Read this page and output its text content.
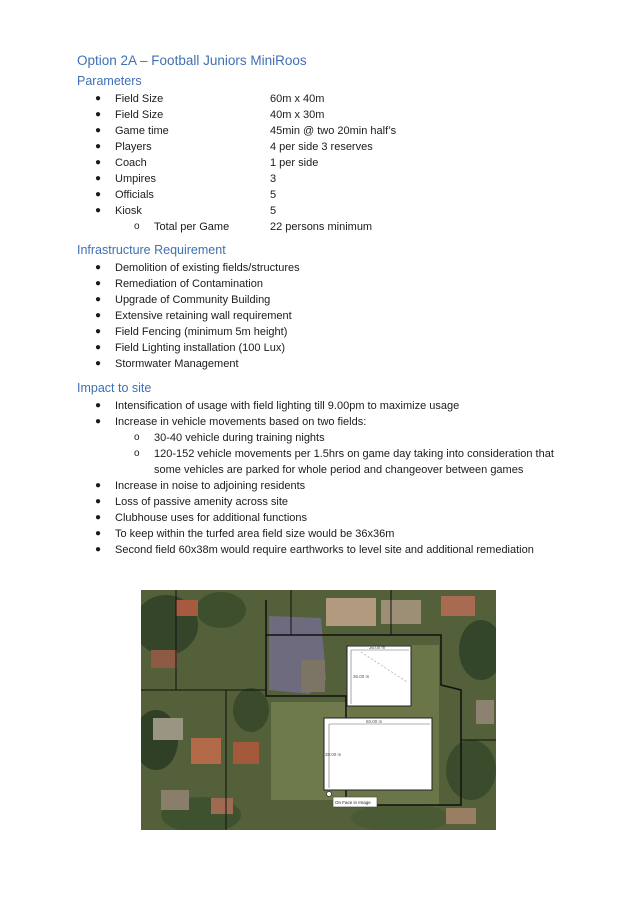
Option 2A – Football Juniors MiniRoos
Parameters
● Field Size	60m x 40m
● Field Size	40m x 30m
● Game time	45min @ two 20min half’s
● Players	4 per side 3 reserves
● Coach	1 per side
● Umpires	3
● Officials	5
● Kiosk	5
o Total per Game	22 persons minimum
Infrastructure Requirement
● Demolition of existing fields/structures
● Remediation of Contamination
● Upgrade of Community Building
● Extensive retaining wall requirement
● Field Fencing (minimum 5m height)
● Field Lighting installation (100 Lux)
● Stormwater Management
Impact to site
● Intensification of usage with field lighting till 9.00pm to maximize usage
● Increase in vehicle movements based on two fields:
o 30-40 vehicle during training nights
o 120-152 vehicle movements per 1.5hrs on game day taking into consideration that
some vehicles are parked for whole period and changeover between games
● Increase in noise to adjoining residents
● Loss of passive amenity across site
● Clubhouse uses for additional functions
● To keep within the turfed area field size would be 36x36m
● Second field 60x38m would require earthworks to level site and additional remediation
36.00 m
36.00 m
60.00 m
38.00 m
On Face in Image
